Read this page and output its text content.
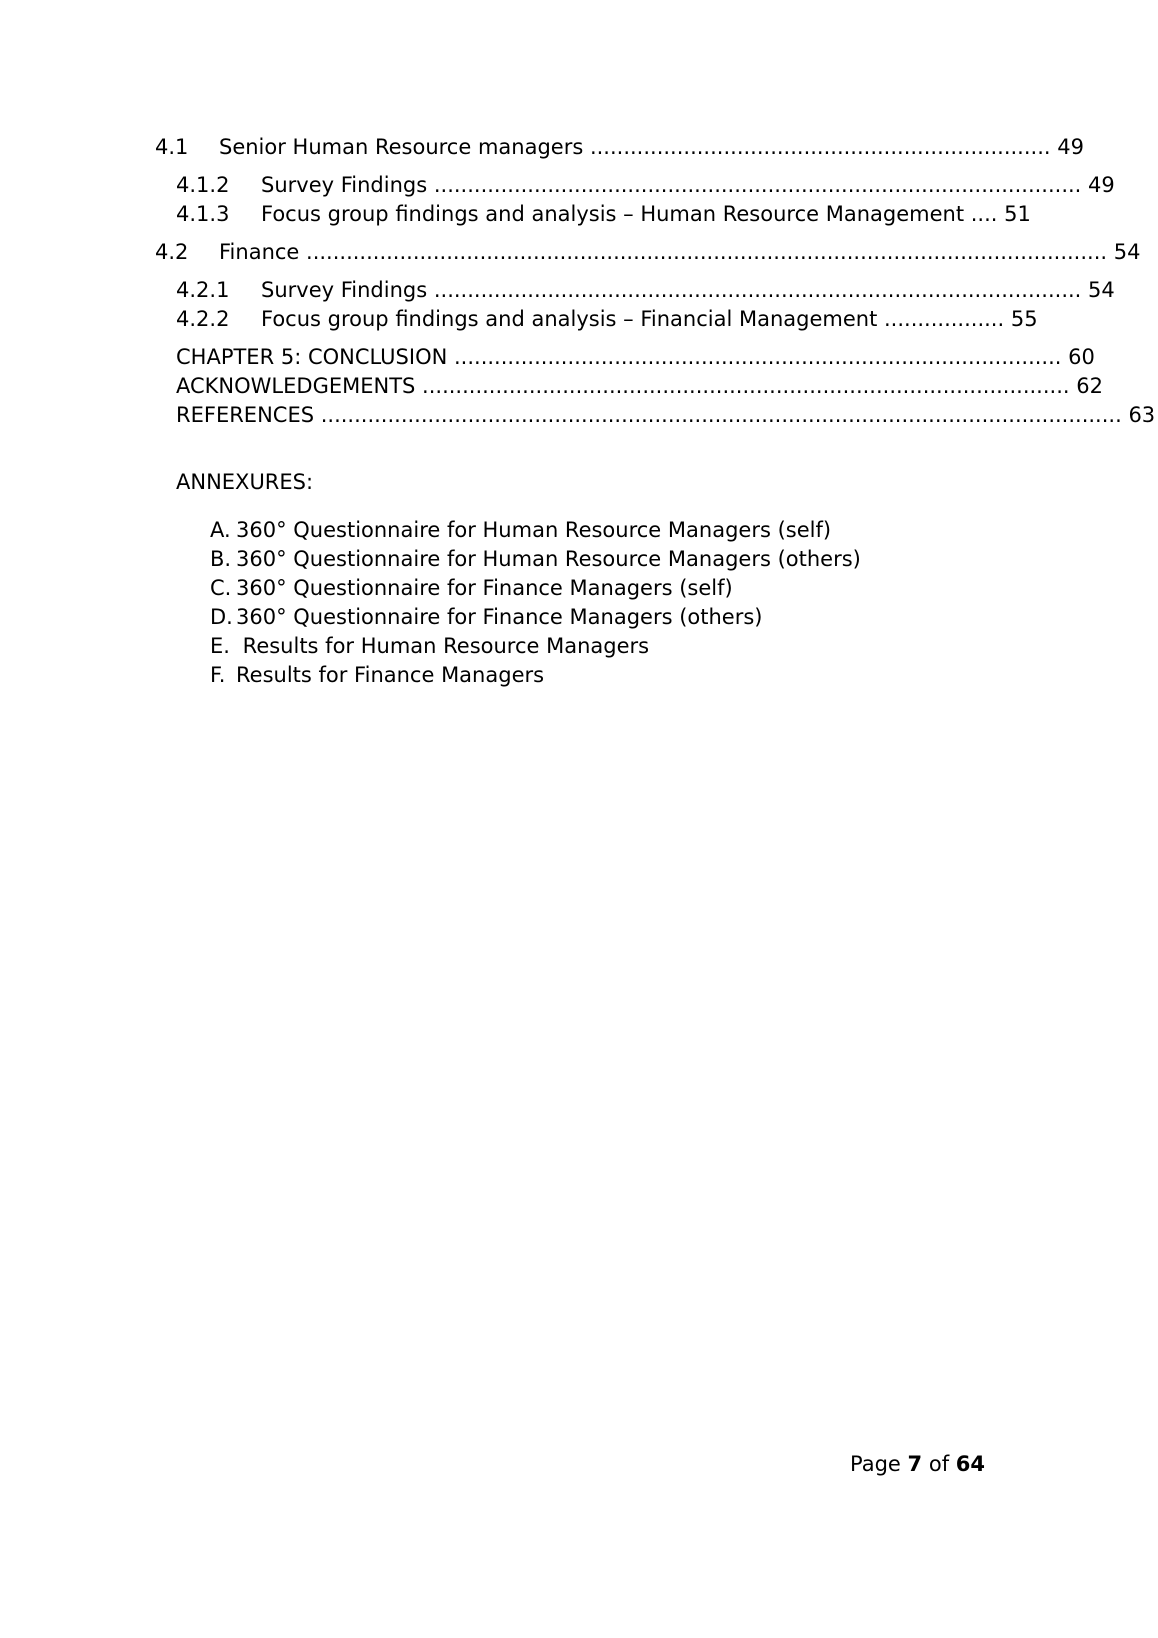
4.1 Senior Human Resource managers ..................................................................... 49
4.1.2 Survey Findings ................................................................................................. 49
4.1.3 Focus group findings and analysis – Human Resource Management .... 51
4.2 Finance ........................................................................................................................ 54
4.2.1 Survey Findings ................................................................................................. 54
4.2.2 Focus group findings and analysis – Financial Management .................. 55
CHAPTER 5: CONCLUSION ........................................................................................... 60
ACKNOWLEDGEMENTS ................................................................................................. 62
REFERENCES ........................................................................................................................ 63
ANNEXURES:
A. 360° Questionnaire for Human Resource Managers (self)
B. 360° Questionnaire for Human Resource Managers (others)
C. 360° Questionnaire for Finance Managers (self)
D. 360° Questionnaire for Finance Managers (others)
E. Results for Human Resource Managers
F. Results for Finance Managers
Page 7 of 64
